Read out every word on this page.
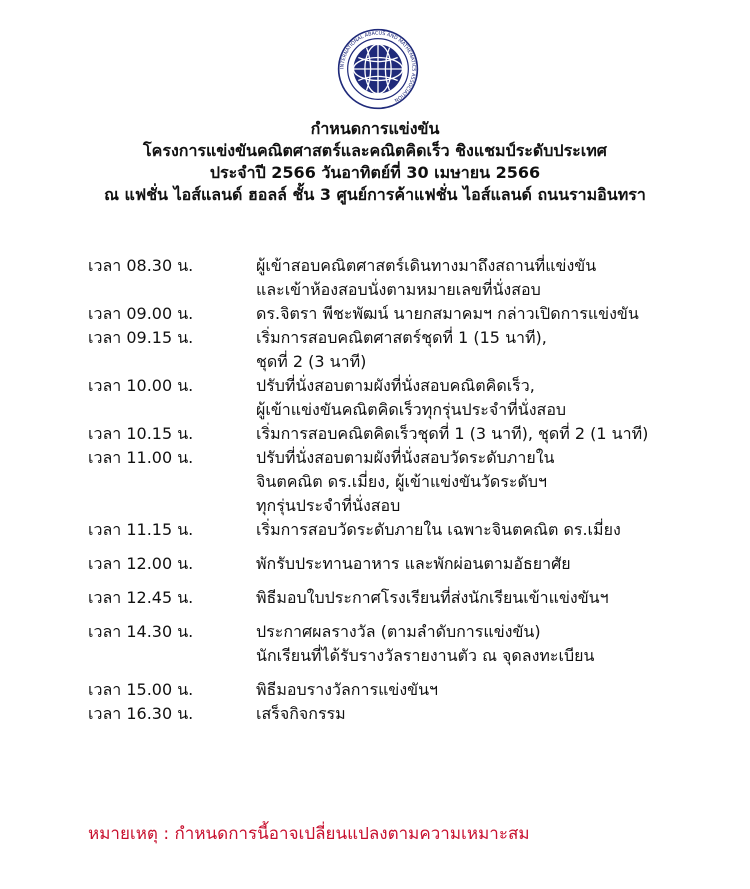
INTERNATIONAL ABACUS AND MATHEMATICS ASSOCIATION
กำหนดการแข่งขัน
โครงการแข่งขันคณิตศาสตร์และคณิตคิดเร็ว ชิงแชมป์ระดับประเทศ
ประจำปี 2566 วันอาทิตย์ที่ 30 เมษายน 2566
ณ แฟชั่น ไอส์แลนด์ ฮอลล์ ชั้น 3 ศูนย์การค้าแฟชั่น ไอส์แลนด์ ถนนรามอินทรา
เวลา 08.30 น.	ผู้เข้าสอบคณิตศาสตร์เดินทางมาถึงสถานที่แข่งขัน
และเข้าห้องสอบนั่งตามหมายเลขที่นั่งสอบ
เวลา 09.00 น.	ดร.จิตรา พีชะพัฒน์ นายกสมาคมฯ กล่าวเปิดการแข่งขัน
เวลา 09.15 น.	เริ่มการสอบคณิตศาสตร์ชุดที่ 1 (15 นาที),
ชุดที่ 2 (3 นาที)
เวลา 10.00 น.	ปรับที่นั่งสอบตามผังที่นั่งสอบคณิตคิดเร็ว,
ผู้เข้าแข่งขันคณิตคิดเร็วทุกรุ่นประจำที่นั่งสอบ
เวลา 10.15 น.	เริ่มการสอบคณิตคิดเร็วชุดที่ 1 (3 นาที), ชุดที่ 2 (1 นาที)
เวลา 11.00 น.	ปรับที่นั่งสอบตามผังที่นั่งสอบวัดระดับภายใน
จินตคณิต ดร.เมี่ยง, ผู้เข้าแข่งขันวัดระดับฯ
ทุกรุ่นประจำที่นั่งสอบ
เวลา 11.15 น.	เริ่มการสอบวัดระดับภายใน เฉพาะจินตคณิต ดร.เมี่ยง
เวลา 12.00 น.	พักรับประทานอาหาร และพักผ่อนตามอัธยาศัย
เวลา 12.45 น.	พิธีมอบใบประกาศโรงเรียนที่ส่งนักเรียนเข้าแข่งขันฯ
เวลา 14.30 น.	ประกาศผลรางวัล (ตามลำดับการแข่งขัน)
นักเรียนที่ได้รับรางวัลรายงานตัว ณ จุดลงทะเบียน
เวลา 15.00 น.	พิธีมอบรางวัลการแข่งขันฯ
เวลา 16.30 น.	เสร็จกิจกรรม
หมายเหตุ : กำหนดการนี้อาจเปลี่ยนแปลงตามความเหมาะสม
